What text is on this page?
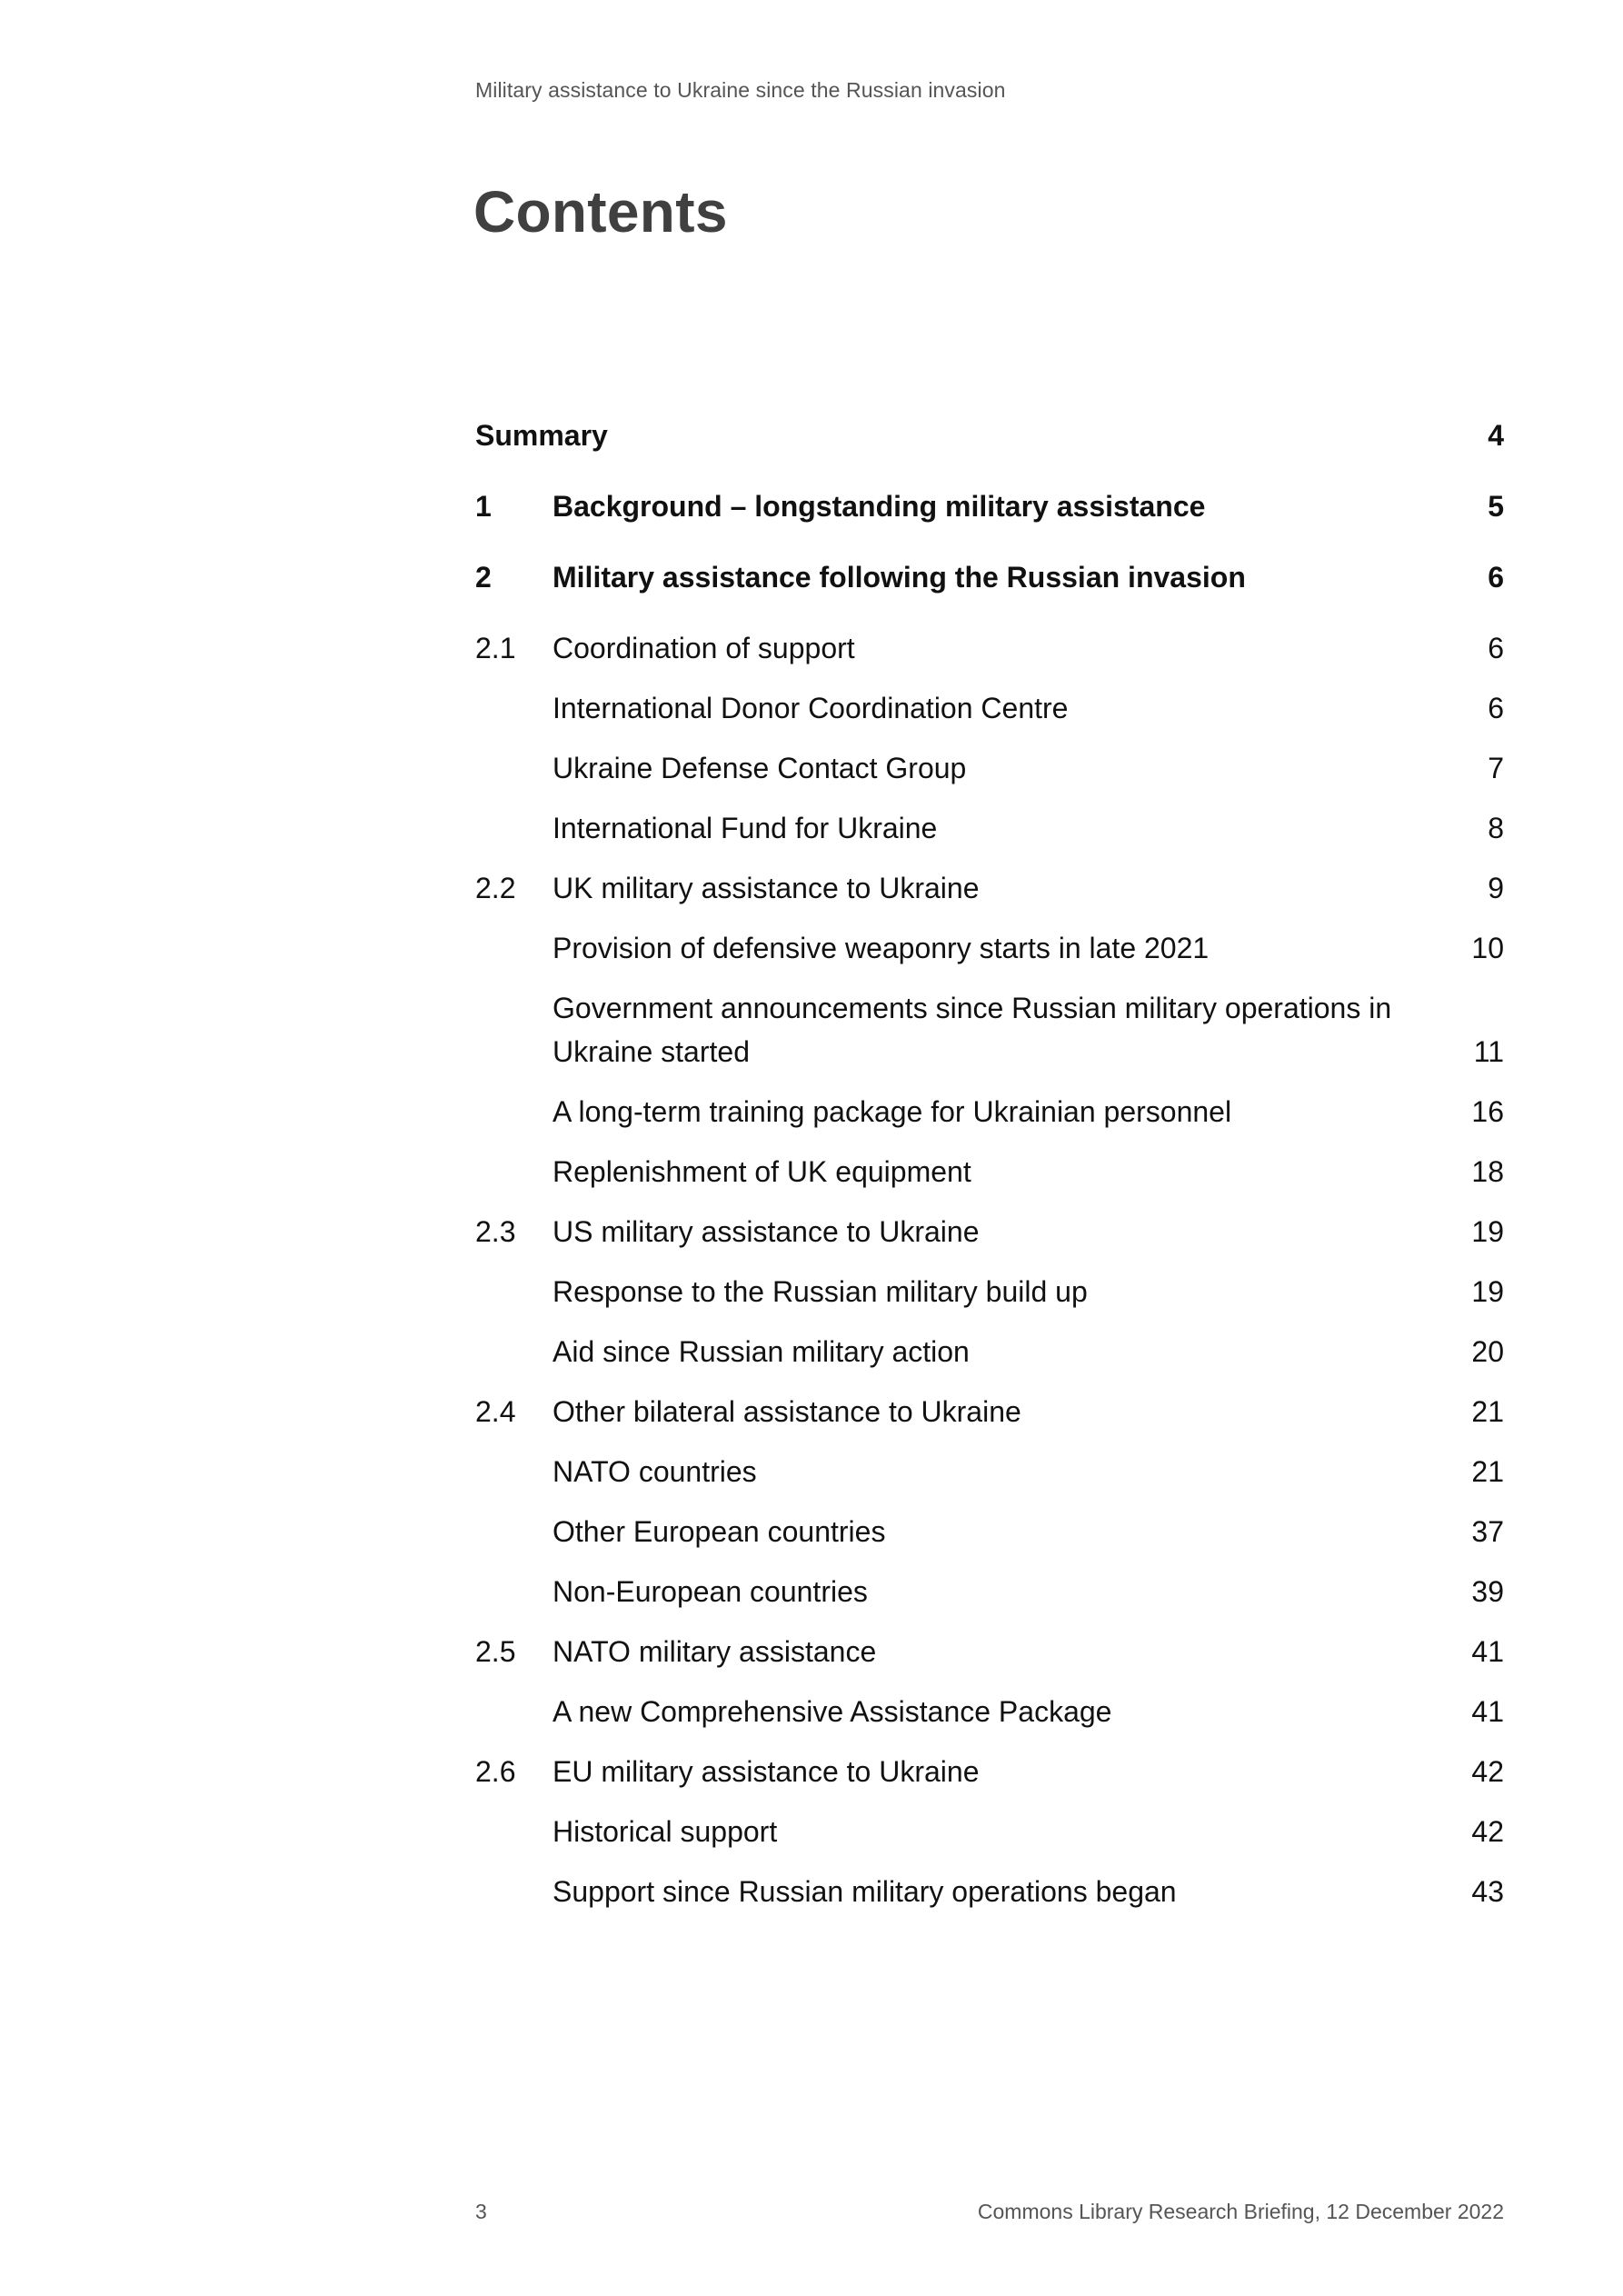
Military assistance to Ukraine since the Russian invasion
Contents
Summary	4
1	Background – longstanding military assistance	5
2	Military assistance following the Russian invasion	6
2.1	Coordination of support	6
International Donor Coordination Centre	6
Ukraine Defense Contact Group	7
International Fund for Ukraine	8
2.2	UK military assistance to Ukraine	9
Provision of defensive weaponry starts in late 2021	10
Government announcements since Russian military operations in Ukraine started	11
A long-term training package for Ukrainian personnel	16
Replenishment of UK equipment	18
2.3	US military assistance to Ukraine	19
Response to the Russian military build up	19
Aid since Russian military action	20
2.4	Other bilateral assistance to Ukraine	21
NATO countries	21
Other European countries	37
Non-European countries	39
2.5	NATO military assistance	41
A new Comprehensive Assistance Package	41
2.6	EU military assistance to Ukraine	42
Historical support	42
Support since Russian military operations began	43
3	Commons Library Research Briefing, 12 December 2022
